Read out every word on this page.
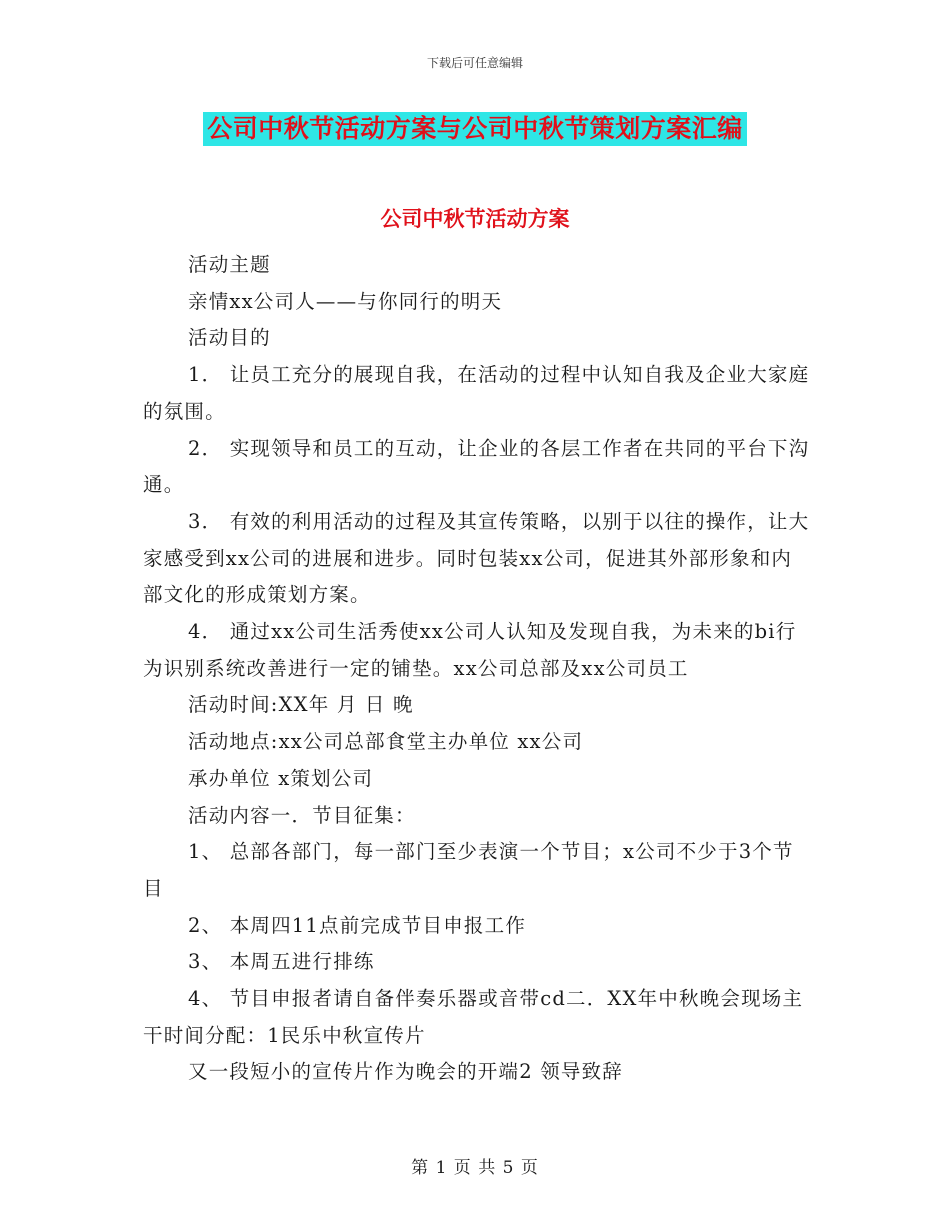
下载后可任意编辑
公司中秋节活动方案与公司中秋节策划方案汇编
公司中秋节活动方案

活动主题

亲情xx公司人——与你同行的明天

活动目的

1． 让员工充分的展现自我，在活动的过程中认知自我及企业大家庭的氛围。

2． 实现领导和员工的互动，让企业的各层工作者在共同的平台下沟通。

3． 有效的利用活动的过程及其宣传策略，以别于以往的操作，让大家感受到xx公司的进展和进步。同时包装xx公司，促进其外部形象和内部文化的形成策划方案。

4． 通过xx公司生活秀使xx公司人认知及发现自我，为未来的bi行为识别系统改善进行一定的铺垫。xx公司总部及xx公司员工

活动时间:XX年 月 日 晚

活动地点:xx公司总部食堂主办单位 xx公司

承办单位 x策划公司

活动内容一．节目征集：

1、 总部各部门，每一部门至少表演一个节目；x公司不少于3个节目

2、 本周四11点前完成节目申报工作

3、 本周五进行排练

4、 节目申报者请自备伴奏乐器或音带cd二．XX年中秋晚会现场主干时间分配：1民乐中秋宣传片

又一段短小的宣传片作为晚会的开端2 领导致辞

第 1 页 共 5 页
